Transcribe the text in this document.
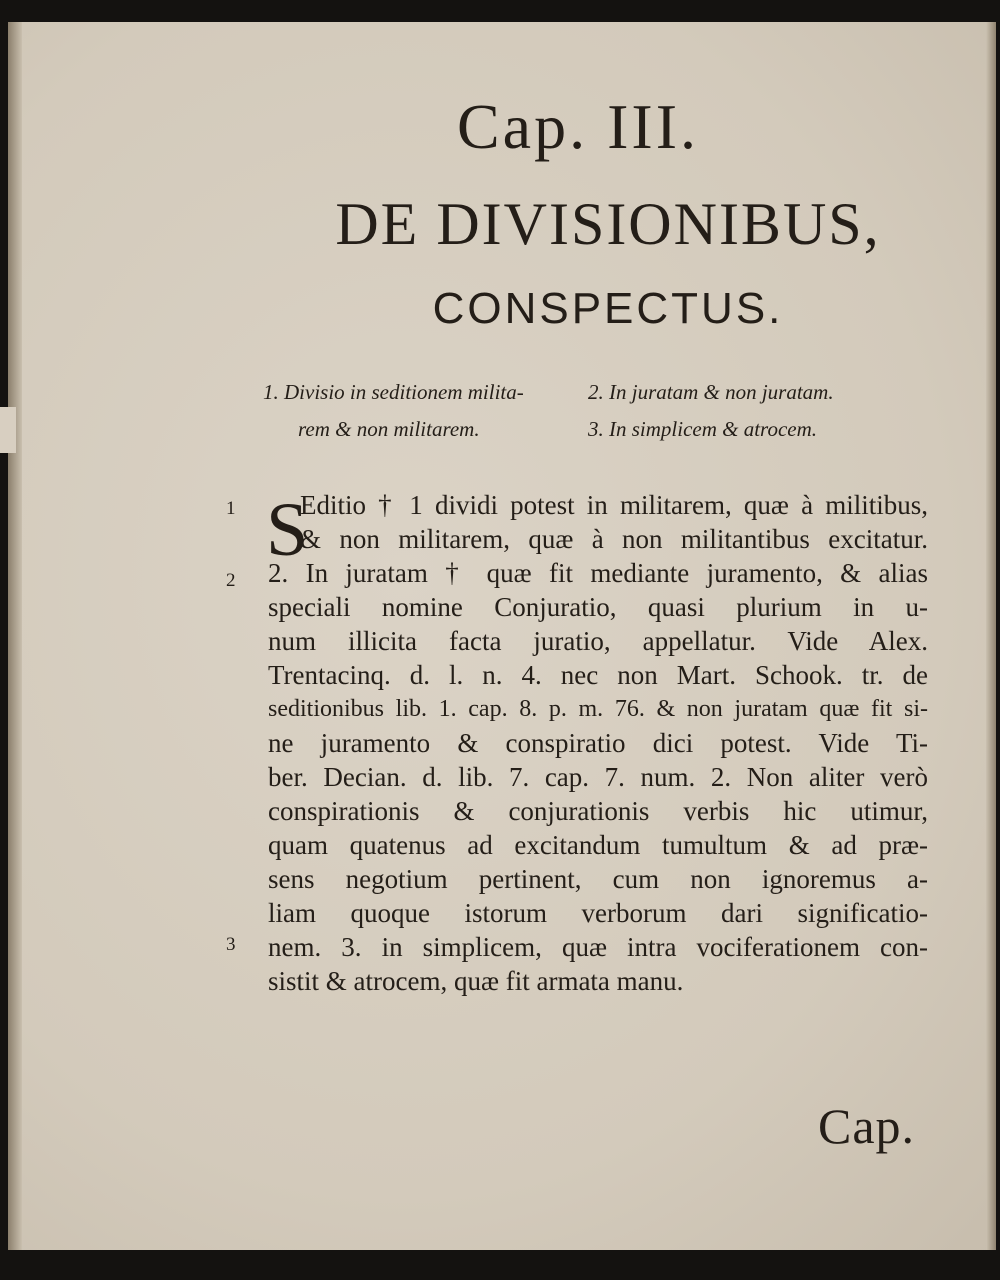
Cap. III.
DE DIVISIONIBUS,
CONSPECTUS.
1. Divisio in seditionem milita-	2. In juratam & non juratam.
rem & non militarem.	3. In simplicem & atrocem.
1
2
3
S
Editio † 1 dividi potest in militarem, quæ à militibus,
& non militarem, quæ à non militantibus excitatur.
2. In juratam † quæ fit mediante juramento, & alias
speciali nomine Conjuratio, quasi plurium in u-
num illicita facta juratio, appellatur. Vide Alex.
Trentacinq. d. l. n. 4. nec non Mart. Schook. tr. de
seditionibus lib. 1. cap. 8. p. m. 76. & non juratam quæ fit si-
ne juramento & conspiratio dici potest. Vide Ti-
ber. Decian. d. lib. 7. cap. 7. num. 2. Non aliter verò
conspirationis & conjurationis verbis hic utimur,
quam quatenus ad excitandum tumultum & ad præ-
sens negotium pertinent, cum non ignoremus a-
liam quoque istorum verborum dari significatio-
nem. 3. in simplicem, quæ intra vociferationem con-
sistit & atrocem, quæ fit armata manu.
Cap.
